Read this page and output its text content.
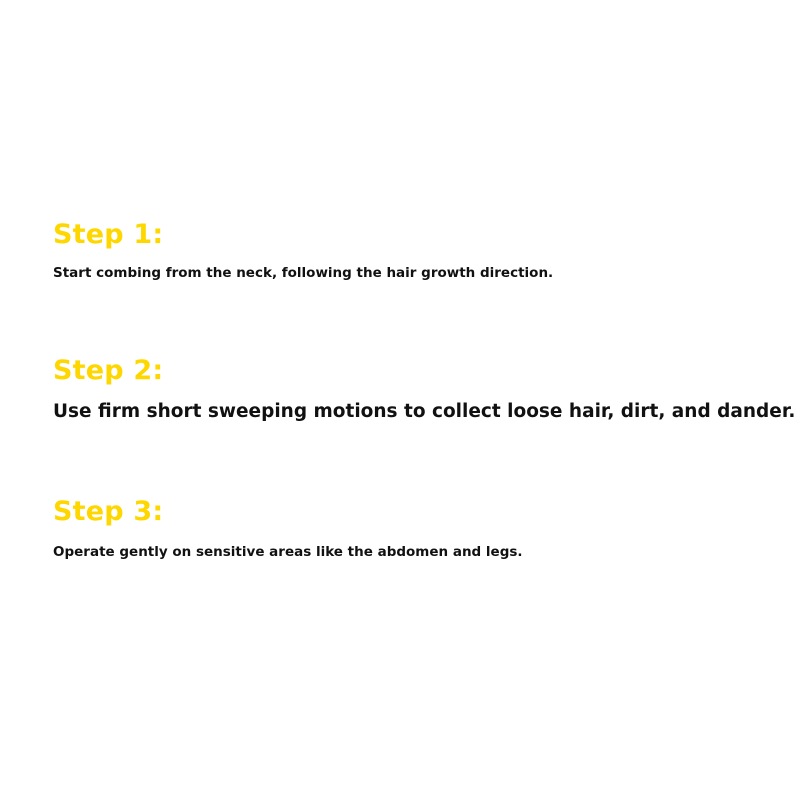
Step 1:

Start combing from the neck, following the hair growth direction.

Step 2:

Use firm short sweeping motions to collect loose hair, dirt, and dander.

Step 3:

Operate gently on sensitive areas like the abdomen and legs.
